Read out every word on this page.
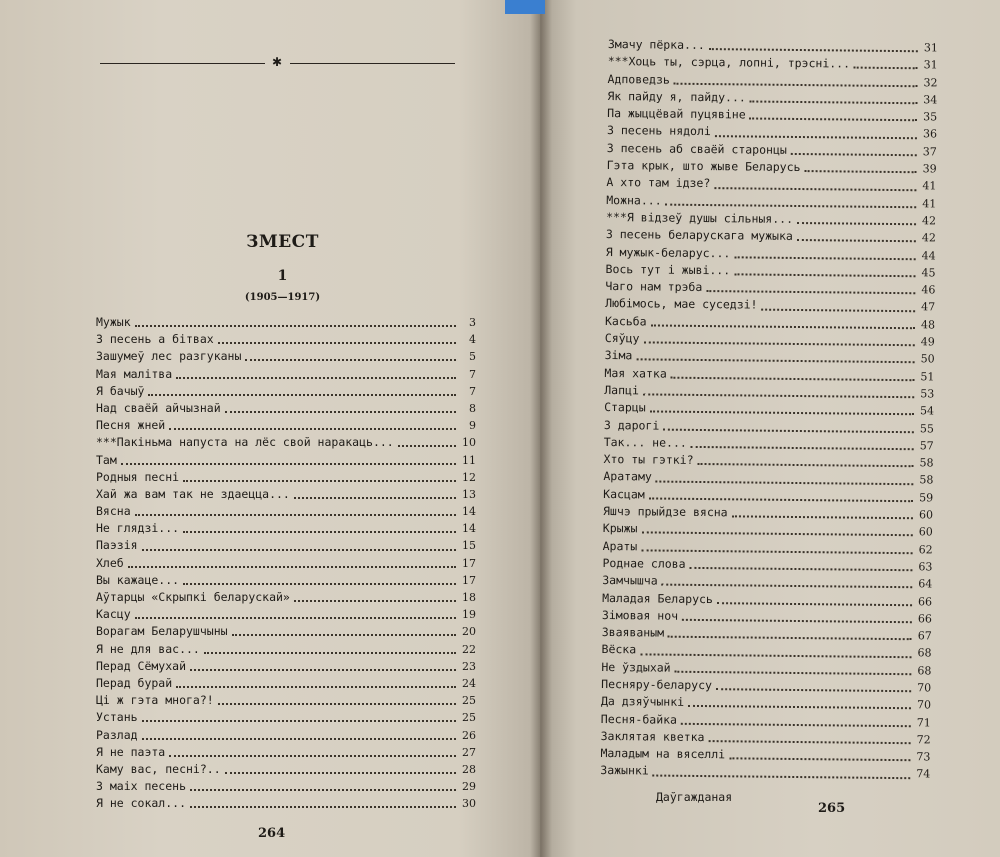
✱
ЗМЕСТ
1
(1905—1917)
Мужык	3
З песень а бітвах	4
Зашумеў лес разгуканы	5
Мая малітва	7
Я бачыў	7
Над сваёй айчызнай	8
Песня жней	9
***Пакіньма напуста на лёс свой наракаць...	10
Там	11
Родныя песні	12
Хай жа вам так не здаецца...	13
Вясна	14
Не глядзі...	14
Паэзія	15
Хлеб	17
Вы кажаце...	17
Аўтарцы «Скрыпкі беларускай»	18
Касцу	19
Ворагам Беларушчыны	20
Я не для вас...	22
Перад Сёмухай	23
Перад бурай	24
Ці ж гэта многа?!	25
Устань	25
Разлад	26
Я не паэта	27
Каму вас, песні?..	28
З маіх песень	29
Я не сокал...	30
Змачу пёрка...	31
***Хоць ты, сэрца, лопні, трэсні...	31
Адповедзь	32
Як пайду я, пайду...	34
Па жыццёвай пуцявіне	35
З песень нядолі	36
З песень аб сваёй старонцы	37
Гэта крык, што жыве Беларусь	39
А хто там ідзе?	41
Можна...	41
***Я відзеў душы сільныя...	42
З песень беларускага мужыка	42
Я мужык-беларус...	44
Вось тут і жыві...	45
Чаго нам трэба	46
Любімось, мае суседзі!	47
Касьба	48
Сяўцу	49
Зіма	50
Мая хатка	51
Лапці	53
Старцы	54
З дарогі	55
Так... не...	57
Хто ты гэткі?	58
Аратаму	58
Касцам	59
Яшчэ прыйдзе вясна	60
Крыжы	60
Араты	62
Роднае слова	63
Замчышча	64
Маладая Беларусь	66
Зімовая ноч	66
Зваяваным	67
Вёска	68
Не ўздыхай	68
Песняру-беларусу	70
Да дзяўчынкі	70
Песня-байка	71
Заклятая кветка	72
Маладым на вяселлі	73
Зажынкі	74
Даўгажданая
264
265
